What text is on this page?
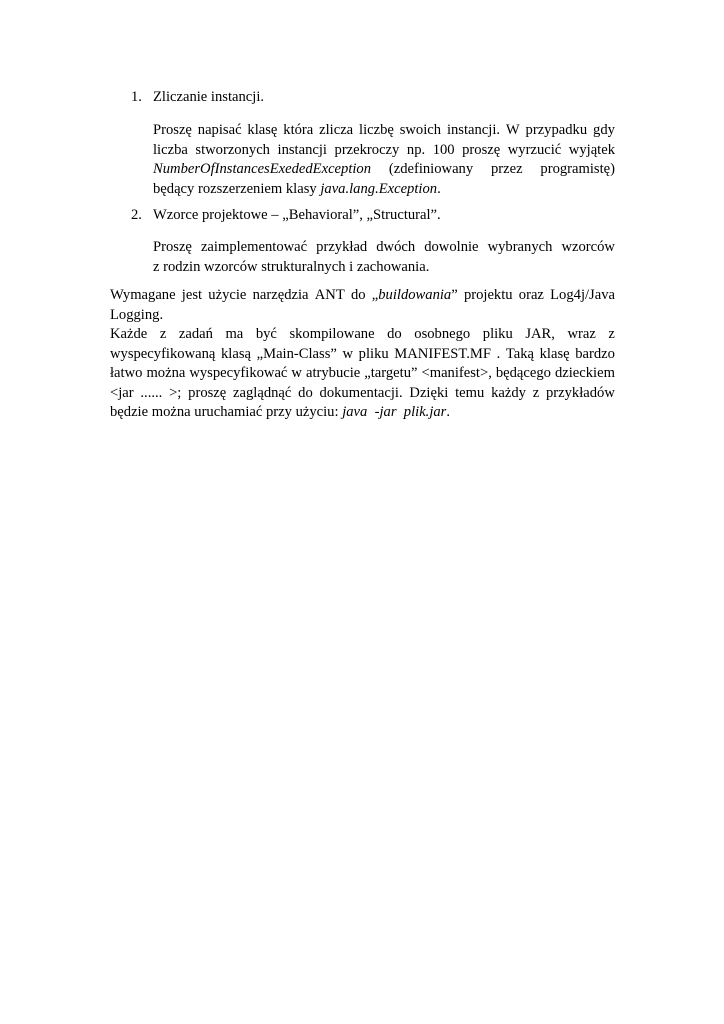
1. Zliczanie instancji.
Proszę napisać klasę która zlicza liczbę swoich instancji. W przypadku gdy
liczba stworzonych instancji przekroczy np. 100 proszę wyrzucić wyjątek
NumberOfInstancesExededException (zdefiniowany przez programistę)
będący rozszerzeniem klasy java.lang.Exception.
2. Wzorce projektowe – „Behavioral”, „Structural”.
Proszę zaimplementować przykład dwóch dowolnie wybranych wzorców
z rodzin wzorców strukturalnych i zachowania.
Wymagane jest użycie narzędzia ANT do „buildowania” projektu oraz Log4j/Java
Logging.
Każde z zadań ma być skompilowane do osobnego pliku JAR, wraz z
wyspecyfikowaną klasą „Main-Class” w pliku MANIFEST.MF . Taką klasę bardzo
łatwo można wyspecyfikować w atrybucie „targetu” <manifest>, będącego dzieckiem
<jar ...... >; proszę zaglądnąć do dokumentacji. Dzięki temu każdy z przykładów
będzie można uruchamiać przy użyciu: java  -jar  plik.jar.
